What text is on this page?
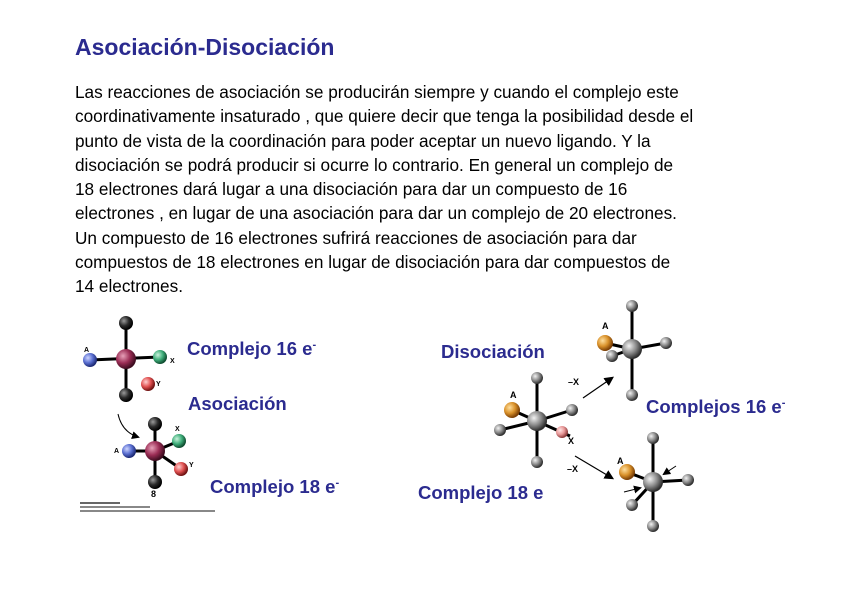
Asociación-Disociación
Las reacciones de asociación se producirán siempre y cuando el complejo este
coordinativamente insaturado , que quiere decir que tenga la posibilidad desde el
punto de vista de la coordinación para poder aceptar un nuevo ligando. Y la
disociación se podrá producir si ocurre lo contrario. En general un complejo de
18 electrones dará lugar a una disociación para dar un compuesto de 16
electrones , en lugar de una asociación para dar un complejo de 20 electrones.
Un compuesto de 16 electrones sufrirá reacciones de asociación para dar
compuestos de 18 electrones en lugar de disociación para dar compuestos de
14 electrones.
A
X
Y
A
X
Y
8
A
X
–X
–X
A
A
Complejo 16 e-
Asociación
Complejo 18 e-
Disociación
Complejos 16 e-
Complejo 18 e
